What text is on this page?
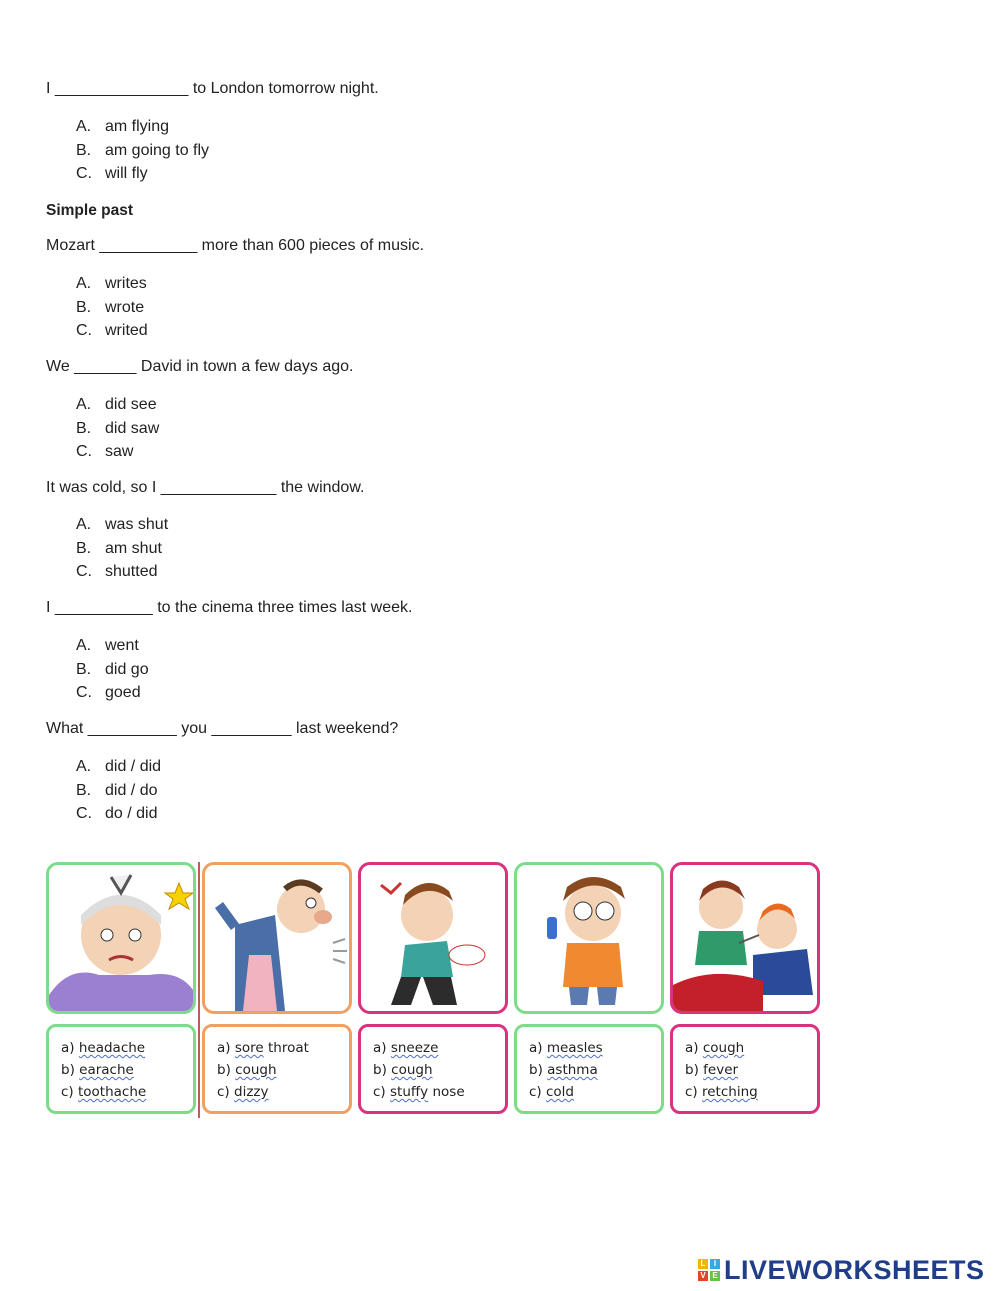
I _______________ to London tomorrow night.
A. am flying
B. am going to fly
C. will fly
Simple past
Mozart ___________ more than 600 pieces of music.
A. writes
B. wrote
C. writed
We _______ David in town a few days ago.
A. did see
B. did saw
C. saw
It was cold, so I _____________ the window.
A. was shut
B. am shut
C. shutted
I ___________ to the cinema three times last week.
A. went
B. did go
C. goed
What __________ you _________ last weekend?
A. did / did
B. did / do
C. do / did
a) headache
b) earache
c) toothache
a) sore throat
b) cough
c) dizzy
a) sneeze
b) cough
c) stuffy nose
a) measles
b) asthma
c) cold
a) cough
b) fever
c) retching
L	I
V E LIVEWORKSHEETS
